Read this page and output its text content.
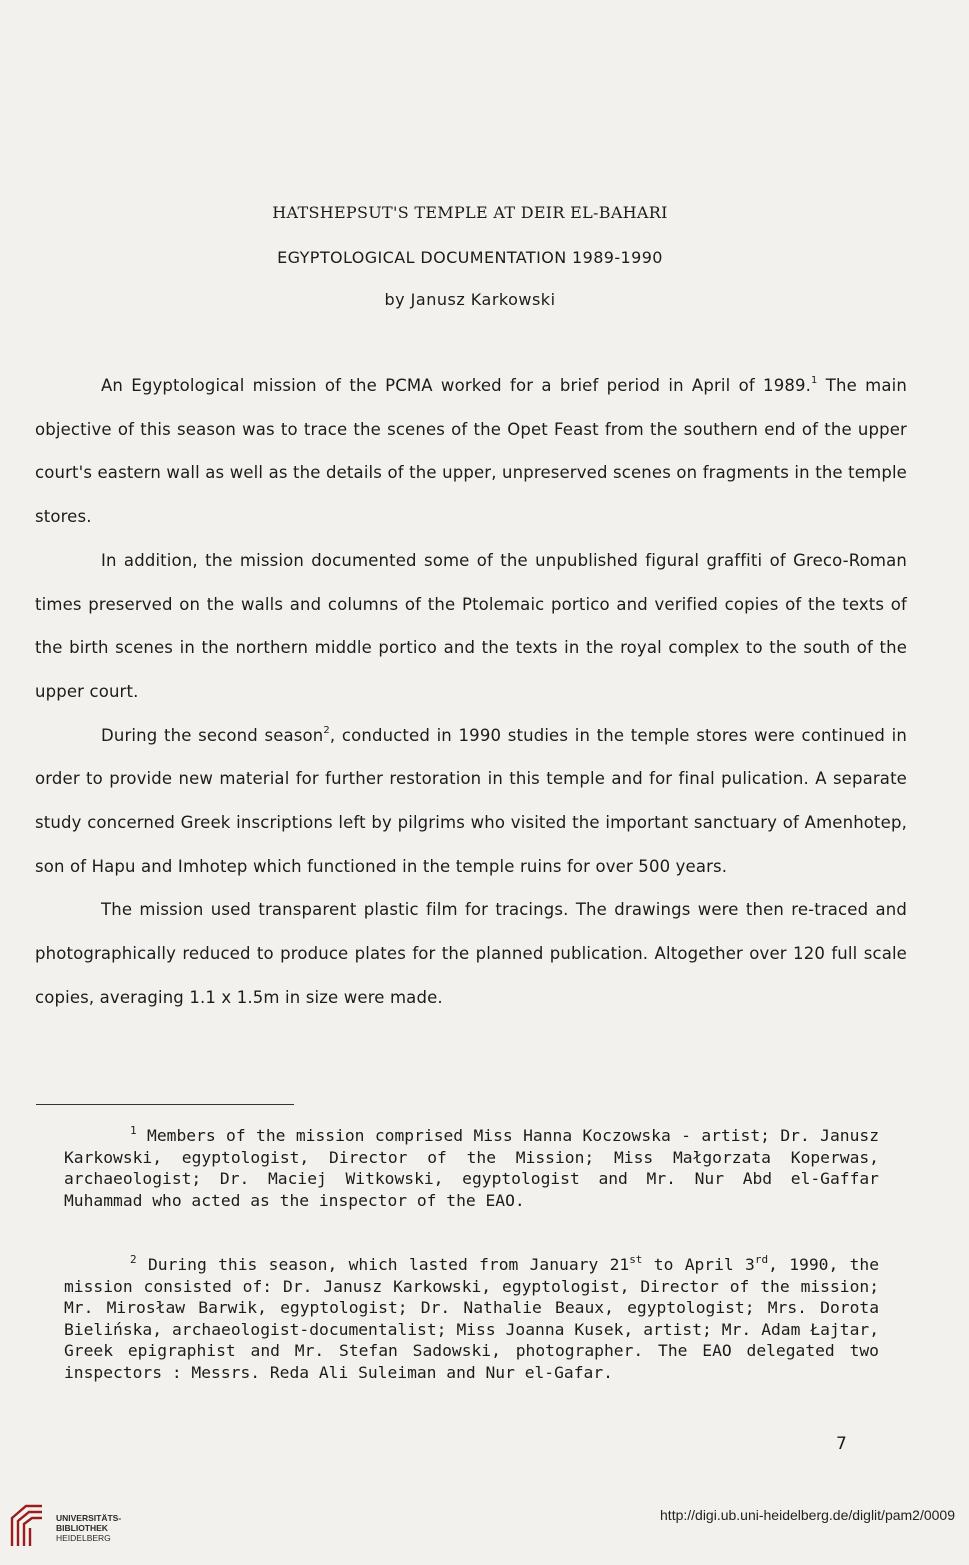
HATSHEPSUT'S TEMPLE AT DEIR EL-BAHARI
EGYPTOLOGICAL DOCUMENTATION 1989-1990
by Janusz Karkowski

An Egyptological mission of the PCMA worked for a brief period in April of 1989.$^1$ The main objective of this season was to trace the scenes of the Opet Feast from the southern end of the upper court's eastern wall as well as the details of the upper, unpreserved scenes on fragments in the temple stores.

In addition, the mission documented some of the unpublished figural graffiti of Greco-Roman times preserved on the walls and columns of the Ptolemaic portico and verified copies of the texts of the birth scenes in the northern middle portico and the texts in the royal complex to the south of the upper court.

During the second season$^2$, conducted in 1990 studies in the temple stores were continued in order to provide new material for further restoration in this temple and for final pulication. A separate study concerned Greek inscriptions left by pilgrims who visited the important sanctuary of Amenhotep, son of Hapu and Imhotep which functioned in the temple ruins for over 500 years.

The mission used transparent plastic film for tracings. The drawings were then re-traced and photographically reduced to produce plates for the planned publication. Altogether over 120 full scale copies, averaging 1.1 x 1.5m in size were made.

$^1$ Members of the mission comprised Miss Hanna Koczowska - artist; Dr. Janusz Karkowski, egyptologist, Director of the Mission; Miss Małgorzata Koperwas, archaeologist; Dr. Maciej Witkowski, egyptologist and Mr. Nur Abd el-Gaffar Muhammad who acted as the inspector of the EAO.

$^2$ During this season, which lasted from January 21st to April 3rd, 1990, the mission consisted of: Dr. Janusz Karkowski, egyptologist, Director of the mission; Mr. Mirosław Barwik, egyptologist; Dr. Nathalie Beaux, egyptologist; Mrs. Dorota Bielińska, archaeologist-documentalist; Miss Joanna Kusek, artist; Mr. Adam Łajtar, Greek epigraphist and Mr. Stefan Sadowski, photographer. The EAO delegated two inspectors : Messrs. Reda Ali Suleiman and Nur el-Gafar.

7
UNIVERSITÄTS-
BIBLIOTHEK
HEIDELBERG
http://digi.ub.uni-heidelberg.de/diglit/pam2/0009
